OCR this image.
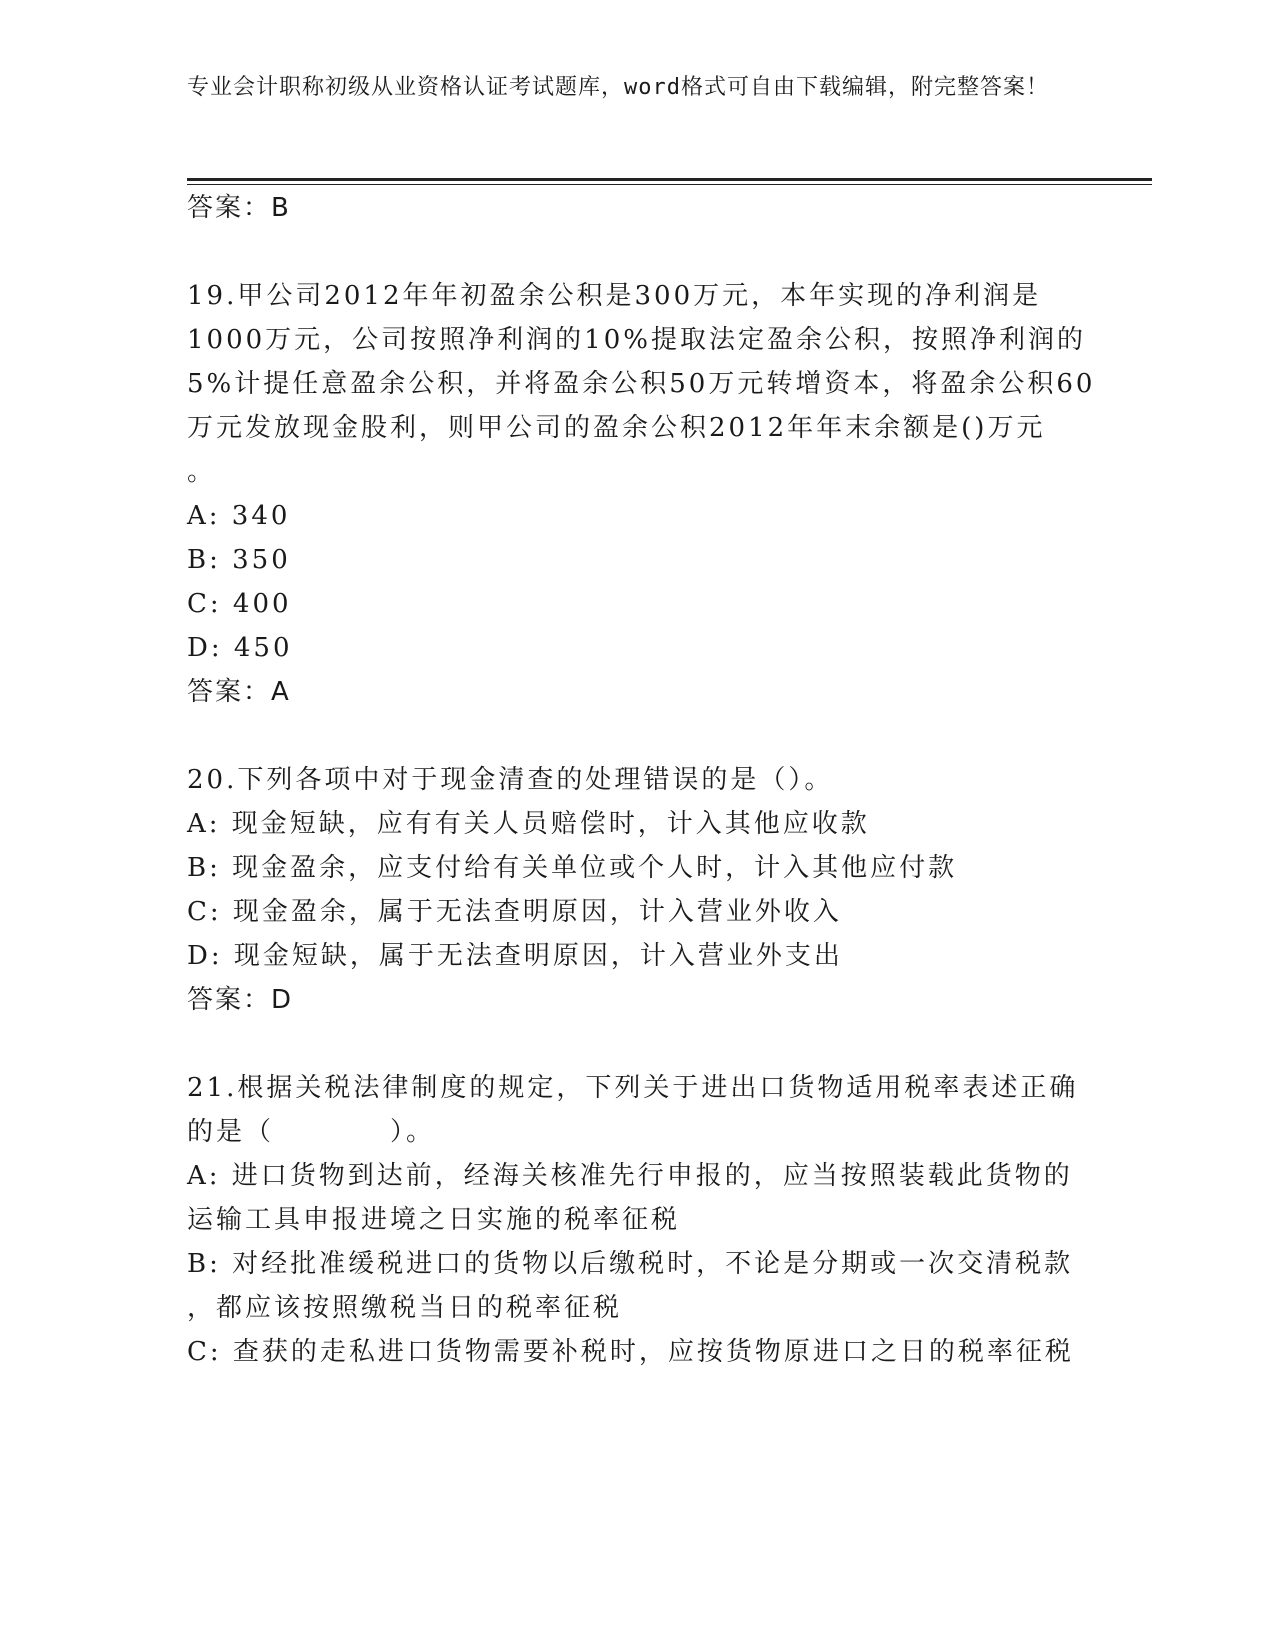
专业会计职称初级从业资格认证考试题库，word格式可自由下载编辑，附完整答案！
答案：B
19.甲公司2012年年初盈余公积是300万元，本年实现的净利润是
1000万元，公司按照净利润的10%提取法定盈余公积，按照净利润的
5%计提任意盈余公积，并将盈余公积50万元转增资本，将盈余公积60
万元发放现金股利，则甲公司的盈余公积2012年年末余额是()万元
。
A: 340
B: 350
C: 400
D: 450
答案：A
20.下列各项中对于现金清查的处理错误的是（）。
A: 现金短缺，应有有关人员赔偿时，计入其他应收款
B: 现金盈余，应支付给有关单位或个人时，计入其他应付款
C: 现金盈余，属于无法查明原因，计入营业外收入
D: 现金短缺，属于无法查明原因，计入营业外支出
答案：D
21.根据关税法律制度的规定，下列关于进出口货物适用税率表述正确
的是（　　　　）。
A: 进口货物到达前，经海关核准先行申报的，应当按照装载此货物的
运输工具申报进境之日实施的税率征税
B: 对经批准缓税进口的货物以后缴税时，不论是分期或一次交清税款
，都应该按照缴税当日的税率征税
C: 查获的走私进口货物需要补税时，应按货物原进口之日的税率征税
